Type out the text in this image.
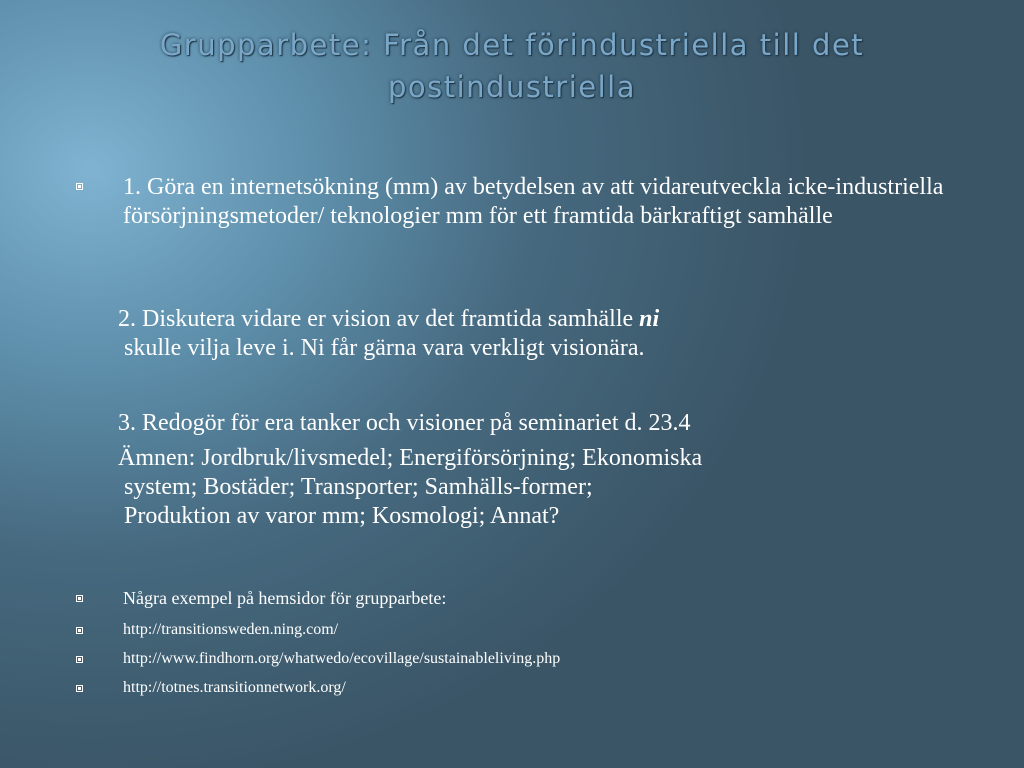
Grupparbete: Från det förindustriella till det postindustriella
1. Göra en internetsökning (mm) av betydelsen av att vidareutveckla icke-industriella försörjningsmetoder/ teknologier mm för ett framtida bärkraftigt samhälle
2. Diskutera vidare er vision av det framtida samhälle ni
skulle vilja leve i. Ni får gärna vara verkligt visionära.
3. Redogör för era tanker och visioner på seminariet d. 23.4
Ämnen: Jordbruk/livsmedel; Energiförsörjning; Ekonomiska
system; Bostäder; Transporter; Samhälls-former;
Produktion av varor mm; Kosmologi; Annat?
Några exempel på hemsidor för grupparbete:
http://transitionsweden.ning.com/
http://www.findhorn.org/whatwedo/ecovillage/sustainableliving.php
http://totnes.transitionnetwork.org/
